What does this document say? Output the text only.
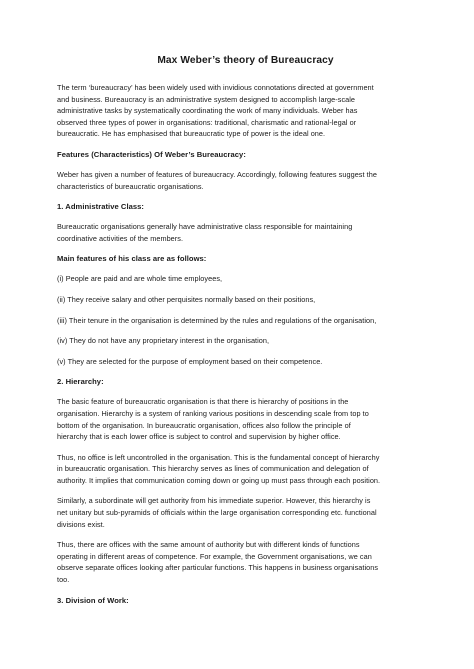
Max Weber’s theory of Bureaucracy

The term ‘bureaucracy’ has been widely used with invidious connotations directed at government
and business. Bureaucracy is an administrative system designed to accomplish large-scale
administrative tasks by systematically coordinating the work of many individuals. Weber has
observed three types of power in organisations: traditional, charismatic and rational-legal or
bureaucratic. He has emphasised that bureaucratic type of power is the ideal one.

Features (Characteristics) Of Weber’s Bureaucracy:

Weber has given a number of features of bureaucracy. Accordingly, following features suggest the
characteristics of bureaucratic organisations.

1. Administrative Class:

Bureaucratic organisations generally have administrative class responsible for maintaining
coordinative activities of the members.

Main features of his class are as follows:

(i) People are paid and are whole time employees,

(ii) They receive salary and other perquisites normally based on their positions,

(iii) Their tenure in the organisation is determined by the rules and regulations of the organisation,

(iv) They do not have any proprietary interest in the organisation,

(v) They are selected for the purpose of employment based on their competence.

2. Hierarchy:

The basic feature of bureaucratic organisation is that there is hierarchy of positions in the
organisation. Hierarchy is a system of ranking various positions in descending scale from top to
bottom of the organisation. In bureaucratic organisation, offices also follow the principle of
hierarchy that is each lower office is subject to control and supervision by higher office.

Thus, no office is left uncontrolled in the organisation. This is the fundamental concept of hierarchy
in bureaucratic organisation. This hierarchy serves as lines of communication and delegation of
authority. It implies that communication coming down or going up must pass through each position.

Similarly, a subordinate will get authority from his immediate superior. However, this hierarchy is
net unitary but sub-pyramids of officials within the large organisation corresponding etc. functional
divisions exist.

Thus, there are offices with the same amount of authority but with different kinds of functions
operating in different areas of competence. For example, the Government organisations, we can
observe separate offices looking after particular functions. This happens in business organisations
too.

3. Division of Work:
